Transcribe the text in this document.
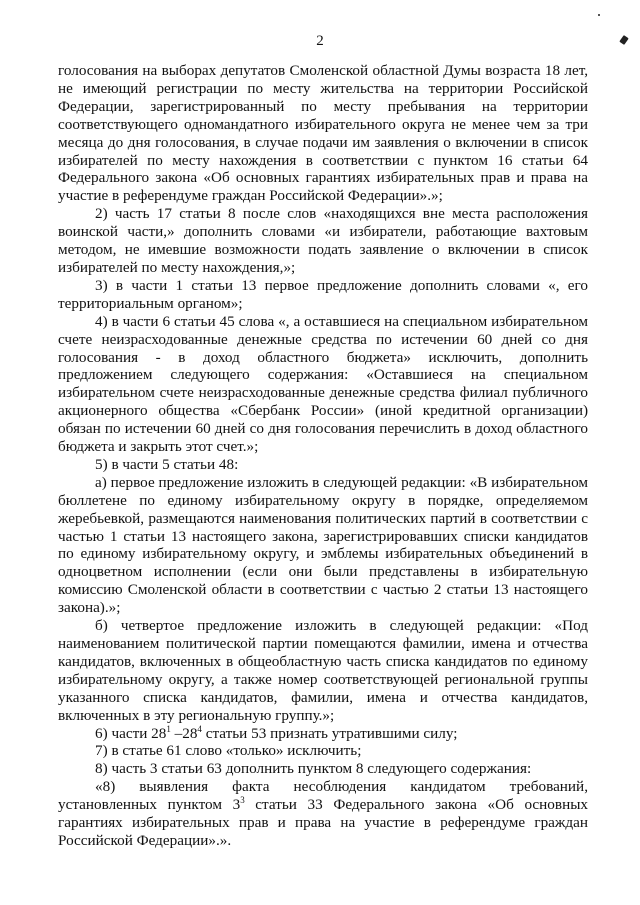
2

голосования на выборах депутатов Смоленской областной Думы возраста 18 лет, не имеющий регистрации по месту жительства на территории Российской Федерации, зарегистрированный по месту пребывания на территории соответствующего одномандатного избирательного округа не менее чем за три месяца до дня голосования, в случае подачи им заявления о включении в список избирателей по месту нахождения в соответствии с пунктом 16 статьи 64 Федерального закона «Об основных гарантиях избирательных прав и права на участие в референдуме граждан Российской Федерации».»;

2) часть 17 статьи 8 после слов «находящихся вне места расположения воинской части,» дополнить словами «и избиратели, работающие вахтовым методом, не имевшие возможности подать заявление о включении в список избирателей по месту нахождения,»;

3) в части 1 статьи 13 первое предложение дополнить словами «, его территориальным органом»;

4) в части 6 статьи 45 слова «, а оставшиеся на специальном избирательном счете неизрасходованные денежные средства по истечении 60 дней со дня голосования - в доход областного бюджета» исключить, дополнить предложением следующего содержания: «Оставшиеся на специальном избирательном счете неизрасходованные денежные средства филиал публичного акционерного общества «Сбербанк России» (иной кредитной организации) обязан по истечении 60 дней со дня голосования перечислить в доход областного бюджета и закрыть этот счет.»;

5) в части 5 статьи 48:

а) первое предложение изложить в следующей редакции: «В избирательном бюллетене по единому избирательному округу в порядке, определяемом жеребьевкой, размещаются наименования политических партий в соответствии с частью 1 статьи 13 настоящего закона, зарегистрировавших списки кандидатов по единому избирательному округу, и эмблемы избирательных объединений в одноцветном исполнении (если они были представлены в избирательную комиссию Смоленской области в соответствии с частью 2 статьи 13 настоящего закона).»;

б) четвертое предложение изложить в следующей редакции: «Под наименованием политической партии помещаются фамилии, имена и отчества кандидатов, включенных в общеобластную часть списка кандидатов по единому избирательному округу, а также номер соответствующей региональной группы указанного списка кандидатов, фамилии, имена и отчества кандидатов, включенных в эту региональную группу.»;

6) части $28^1$ $-28^4$ статьи 53 признать утратившими силу;

7) в статье 61 слово «только» исключить;

8) часть 3 статьи 63 дополнить пунктом 8 следующего содержания:

«8) выявления факта несоблюдения кандидатом требований, установленных пунктом $3^3$ статьи 33 Федерального закона «Об основных гарантиях избирательных прав и права на участие в референдуме граждан Российской Федерации».».
